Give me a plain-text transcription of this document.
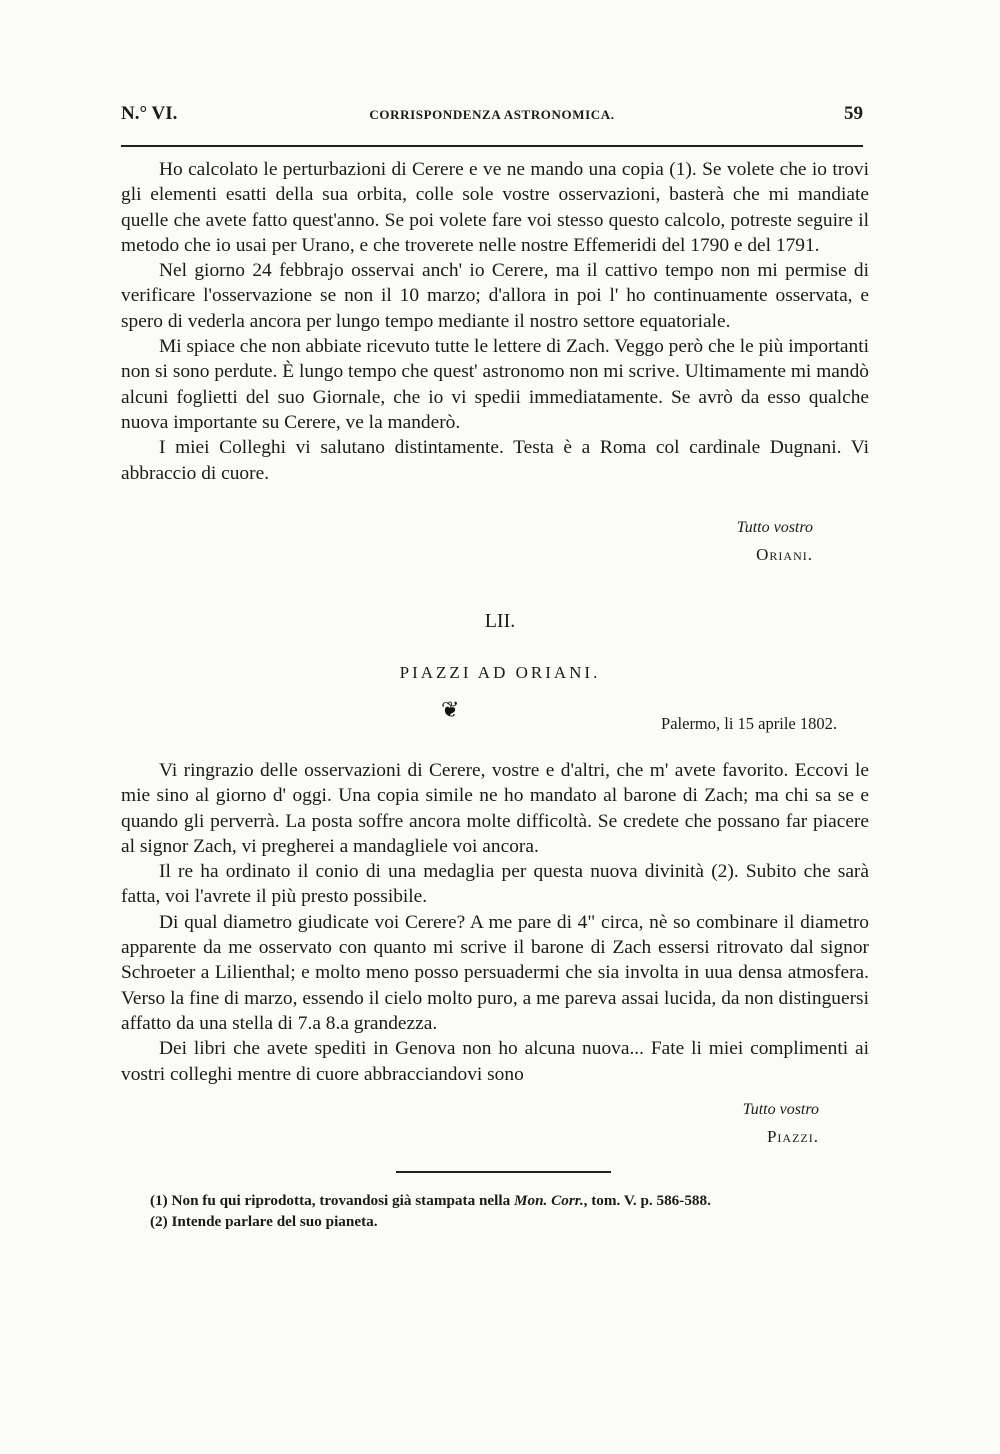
N.° VI.	CORRISPONDENZA ASTRONOMICA.	59

Ho calcolato le perturbazioni di Cerere e ve ne mando una copia (1). Se volete che io trovi gli elementi esatti della sua orbita, colle sole vostre osservazioni, basterà che mi mandiate quelle che avete fatto quest'anno. Se poi volete fare voi stesso questo calcolo, potreste seguire il metodo che io usai per Urano, e che troverete nelle nostre Effemeridi del 1790 e del 1791.

Nel giorno 24 febbrajo osservai anch' io Cerere, ma il cattivo tempo non mi permise di verificare l'osservazione se non il 10 marzo; d'allora in poi l' ho continuamente osservata, e spero di vederla ancora per lungo tempo mediante il nostro settore equatoriale.

Mi spiace che non abbiate ricevuto tutte le lettere di Zach. Veggo però che le più importanti non si sono perdute. È lungo tempo che quest' astronomo non mi scrive. Ultimamente mi mandò alcuni foglietti del suo Giornale, che io vi spedii immediatamente. Se avrò da esso qualche nuova importante su Cerere, ve la manderò.

I miei Colleghi vi salutano distintamente. Testa è a Roma col cardinale Dugnani. Vi abbraccio di cuore.

Tutto vostro
Oriani.
LII.
PIAZZI AD ORIANI.
❦
Palermo, li 15 aprile 1802.

Vi ringrazio delle osservazioni di Cerere, vostre e d'altri, che m' avete favorito. Eccovi le mie sino al giorno d' oggi. Una copia simile ne ho mandato al barone di Zach; ma chi sa se e quando gli perverrà. La posta soffre ancora molte difficoltà. Se credete che possano far piacere al signor Zach, vi pregherei a mandagliele voi ancora.

Il re ha ordinato il conio di una medaglia per questa nuova divinità (2). Subito che sarà fatta, voi l'avrete il più presto possibile.

Di qual diametro giudicate voi Cerere? A me pare di 4" circa, nè so combinare il diametro apparente da me osservato con quanto mi scrive il barone di Zach essersi ritrovato dal signor Schroeter a Lilienthal; e molto meno posso persuadermi che sia involta in uua densa atmosfera. Verso la fine di marzo, essendo il cielo molto puro, a me pareva assai lucida, da non distinguersi affatto da una stella di 7.a 8.a grandezza.

Dei libri che avete spediti in Genova non ho alcuna nuova... Fate li miei complimenti ai vostri colleghi mentre di cuore abbracciandovi sono

Tutto vostro
Piazzi.
(1) Non fu qui riprodotta, trovandosi già stampata nella Mon. Corr., tom. V. p. 586-588.
(2) Intende parlare del suo pianeta.
